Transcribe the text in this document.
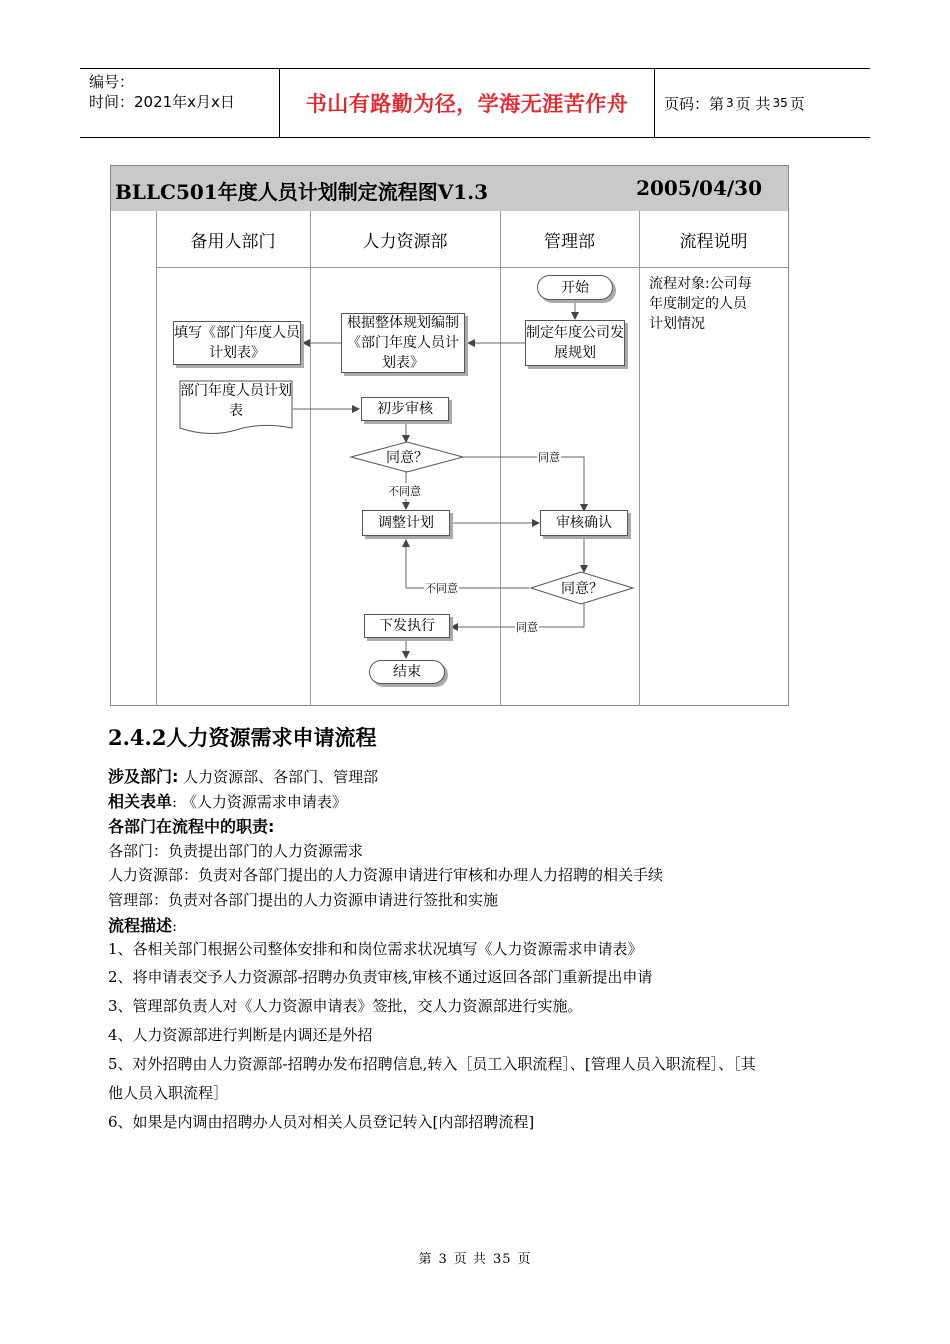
编号：
时间：2021年x月x日	书山有路勤为径，学海无涯苦作舟	页码：第 3 页 共 35 页
BLLC501年度人员计划制定流程图V1.3	2005/04/30
备用人部门	人力资源部	管理部	流程说明
开始
制定年度公司发展规划
根据整体规划编制《部门年度人员计划表》
填写《部门年度人员计划表》
部门年度人员计划表	初步审核
同意？
调整计划	审核确认
同意？
下发执行
结束
同意
不同意
不同意
同意
流程对象:公司每年度制定的人员计划情况
2.4.2人力资源需求申请流程
涉及部门: 人力资源部、各部门、管理部
相关表单: 《人力资源需求申请表》
各部门在流程中的职责:
各部门：负责提出部门的人力资源需求
人力资源部：负责对各部门提出的人力资源申请进行审核和办理人力招聘的相关手续
管理部：负责对各部门提出的人力资源申请进行签批和实施
流程描述:
1、各相关部门根据公司整体安排和和岗位需求状况填写《人力资源需求申请表》
2、将申请表交予人力资源部-招聘办负责审核,审核不通过返回各部门重新提出申请
3、管理部负责人对《人力资源申请表》签批，交人力资源部进行实施。
4、人力资源部进行判断是内调还是外招
5、对外招聘由人力资源部-招聘办发布招聘信息,转入［员工入职流程］、[管理人员入职流程］、［其
他人员入职流程］
6、如果是内调由招聘办人员对相关人员登记转入[内部招聘流程]
第 3 页 共 35 页
